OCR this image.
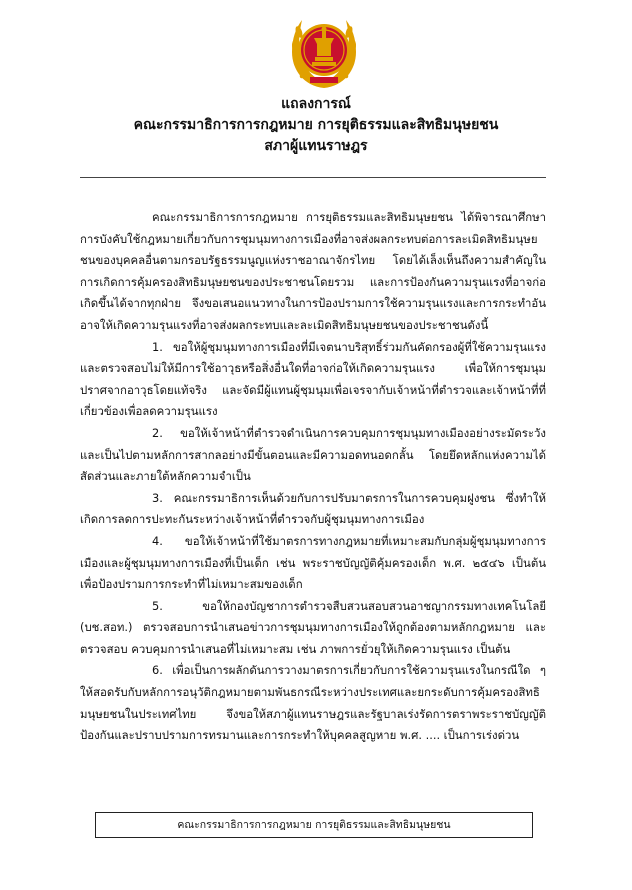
แถลงการณ์

คณะกรรมาธิการการกฎหมาย การยุติธรรมและสิทธิมนุษยชน

สภาผู้แทนราษฎร

คณะกรรมาธิการการกฎหมาย การยุติธรรมและสิทธิมนุษยชน ได้พิจารณาศึกษาการบังคับใช้กฎหมายเกี่ยวกับการชุมนุมทางการเมืองที่อาจส่งผลกระทบต่อการละเมิดสิทธิมนุษยชนของบุคคลอื่นตามกรอบรัฐธรรมนูญแห่งราชอาณาจักรไทย โดยได้เล็งเห็นถึงความสำคัญในการเกิดการคุ้มครองสิทธิมนุษยชนของประชาชนโดยรวม และการป้องกันความรุนแรงที่อาจก่อเกิดขึ้นได้จากทุกฝ่าย จึงขอเสนอแนวทางในการป้องปรามการใช้ความรุนแรงและการกระทำอันอาจให้เกิดความรุนแรงที่อาจส่งผลกระทบและละเมิดสิทธิมนุษยชนของประชาชนดังนี้

1. ขอให้ผู้ชุมนุมทางการเมืองที่มีเจตนาบริสุทธิ์ร่วมกันคัดกรองผู้ที่ใช้ความรุนแรงและตรวจสอบไม่ให้มีการใช้อาวุธหรือสิ่งอื่นใดที่อาจก่อให้เกิดความรุนแรง เพื่อให้การชุมนุมปราศจากอาวุธโดยแท้จริง และจัดมีผู้แทนผู้ชุมนุมเพื่อเจรจากับเจ้าหน้าที่ตำรวจและเจ้าหน้าที่ที่เกี่ยวข้องเพื่อลดความรุนแรง

2. ขอให้เจ้าหน้าที่ตำรวจดำเนินการควบคุมการชุมนุมทางเมืองอย่างระมัดระวังและเป็นไปตามหลักการสากลอย่างมีขั้นตอนและมีความอดทนอดกลั้น โดยยึดหลักแห่งความได้สัดส่วนและภายใต้หลักความจำเป็น

3. คณะกรรมาธิการเห็นด้วยกับการปรับมาตรการในการควบคุมฝูงชน ซึ่งทำให้เกิดการลดการปะทะกันระหว่างเจ้าหน้าที่ตำรวจกับผู้ชุมนุมทางการเมือง

4. ขอให้เจ้าหน้าที่ใช้มาตรการทางกฎหมายที่เหมาะสมกับกลุ่มผู้ชุมนุมทางการเมืองและผู้ชุมนุมทางการเมืองที่เป็นเด็ก เช่น พระราชบัญญัติคุ้มครองเด็ก พ.ศ. ๒๕๔๖ เป็นต้น เพื่อป้องปรามการกระทำที่ไม่เหมาะสมของเด็ก

5. ขอให้กองบัญชาการตำรวจสืบสวนสอบสวนอาชญากรรมทางเทคโนโลยี (บช.สอท.) ตรวจสอบการนำเสนอข่าวการชุมนุมทางการเมืองให้ถูกต้องตามหลักกฎหมาย และตรวจสอบ ควบคุมการนำเสนอที่ไม่เหมาะสม เช่น ภาพการยั่วยุให้เกิดความรุนแรง เป็นต้น

6. เพื่อเป็นการผลักดันการวางมาตรการเกี่ยวกับการใช้ความรุนแรงในกรณีใด ๆ ให้สอดรับกับหลักการอนุวัติกฎหมายตามพันธกรณีระหว่างประเทศและยกระดับการคุ้มครองสิทธิมนุษยชนในประเทศไทย จึงขอให้สภาผู้แทนราษฎรและรัฐบาลเร่งรัดการตราพระราชบัญญัติป้องกันและปราบปรามการทรมานและการกระทำให้บุคคลสูญหาย พ.ศ. .... เป็นการเร่งด่วน

คณะกรรมาธิการการกฎหมาย การยุติธรรมและสิทธิมนุษยชน
